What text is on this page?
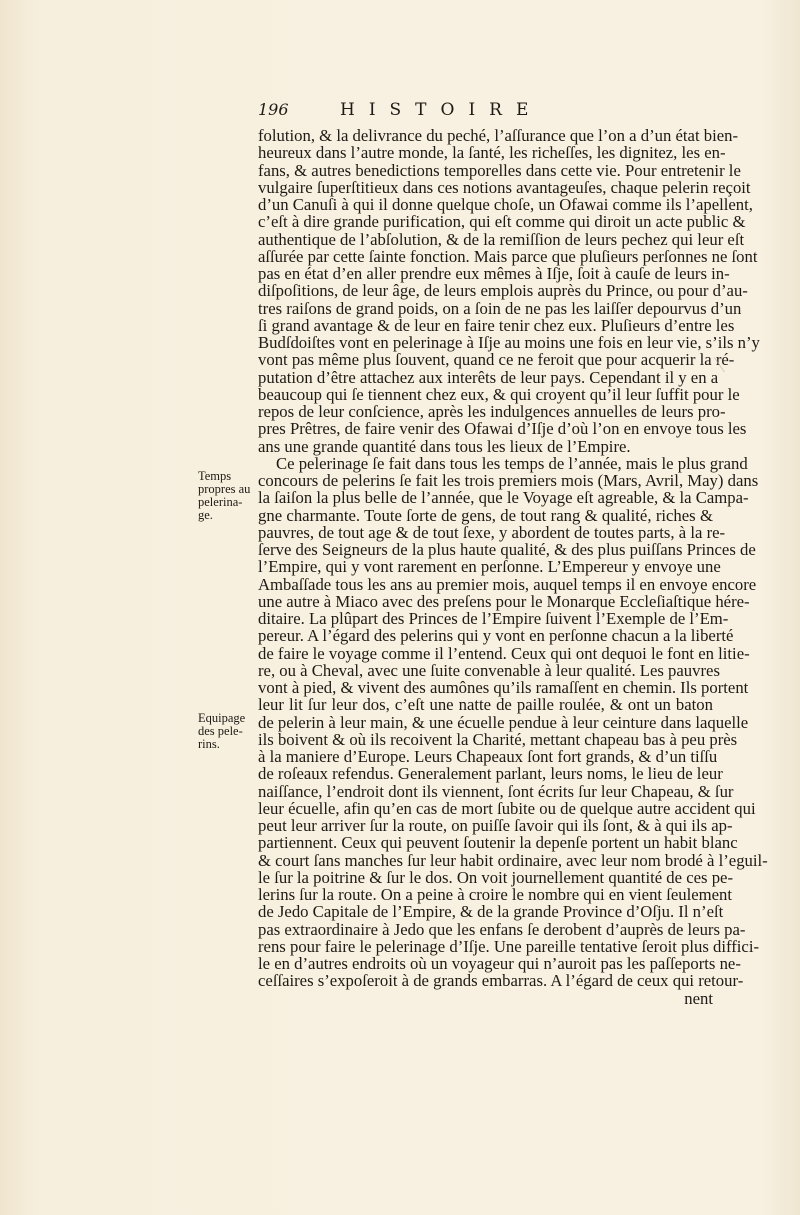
196	HISTOIRE
Temps
propres au
pelerina-
ge.
Equipage
des pele-
rins.
folution, & la delivrance du peché, l’aſſurance que l’on a d’un état bien-
heureux dans l’autre monde, la ſanté, les richeſſes, les dignitez, les en-
fans, & autres benedictions temporelles dans cette vie. Pour entretenir le
vulgaire ſuperſtitieux dans ces notions avantageuſes, chaque pelerin reçoit
d’un Canuſi à qui il donne quelque choſe, un Ofawai comme ils l’apellent,
c’eſt à dire grande purification, qui eſt comme qui diroit un acte public &
authentique de l’abſolution, & de la remiſſion de leurs pechez qui leur eſt
aſſurée par cette ſainte fonction. Mais parce que pluſieurs perſonnes ne ſont
pas en état d’en aller prendre eux mêmes à Iſje, ſoit à cauſe de leurs in-
diſpoſitions, de leur âge, de leurs emplois auprès du Prince, ou pour d’au-
tres raiſons de grand poids, on a ſoin de ne pas les laiſſer depourvus d’un
ſi grand avantage & de leur en faire tenir chez eux. Pluſieurs d’entre les
Budſdoiſtes vont en pelerinage à Iſje au moins une fois en leur vie, s’ils n’y
vont pas même plus ſouvent, quand ce ne feroit que pour acquerir la ré-
putation d’être attachez aux interêts de leur pays. Cependant il y en a
beaucoup qui ſe tiennent chez eux, & qui croyent qu’il leur ſuffit pour le
repos de leur conſcience, après les indulgences annuelles de leurs pro-
pres Prêtres, de faire venir des Ofawai d’Iſje d’où l’on en envoye tous les
ans une grande quantité dans tous les lieux de l’Empire.
Ce pelerinage ſe fait dans tous les temps de l’année, mais le plus grand
concours de pelerins ſe fait les trois premiers mois (Mars, Avril, May) dans
la ſaiſon la plus belle de l’année, que le Voyage eſt agreable, & la Campa-
gne charmante. Toute ſorte de gens, de tout rang & qualité, riches &
pauvres, de tout age & de tout ſexe, y abordent de toutes parts, à la re-
ſerve des Seigneurs de la plus haute qualité, & des plus puiſſans Princes de
l’Empire, qui y vont rarement en perſonne. L’Empereur y envoye une
Ambaſſade tous les ans au premier mois, auquel temps il en envoye encore
une autre à Miaco avec des preſens pour le Monarque Eccleſiaſtique hére-
ditaire. La plûpart des Princes de l’Empire ſuivent l’Exemple de l’Em-
pereur. A l’égard des pelerins qui y vont en perſonne chacun a la liberté
de faire le voyage comme il l’entend. Ceux qui ont dequoi le font en litie-
re, ou à Cheval, avec une ſuite convenable à leur qualité. Les pauvres
vont à pied, & vivent des aumônes qu’ils ramaſſent en chemin. Ils portent
leur lit ſur leur dos, c’eſt une natte de paille roulée, & ont un baton
de pelerin à leur main, & une écuelle pendue à leur ceinture dans laquelle
ils boivent & où ils recoivent la Charité, mettant chapeau bas à peu près
à la maniere d’Europe. Leurs Chapeaux ſont fort grands, & d’un tiſſu
de roſeaux refendus. Generalement parlant, leurs noms, le lieu de leur
naiſſance, l’endroit dont ils viennent, ſont écrits ſur leur Chapeau, & ſur
leur écuelle, afin qu’en cas de mort ſubite ou de quelque autre accident qui
peut leur arriver ſur la route, on puiſſe ſavoir qui ils ſont, & à qui ils ap-
partiennent. Ceux qui peuvent ſoutenir la depenſe portent un habit blanc
& court ſans manches ſur leur habit ordinaire, avec leur nom brodé à l’eguil-
le ſur la poitrine & ſur le dos. On voit journellement quantité de ces pe-
lerins ſur la route. On a peine à croire le nombre qui en vient ſeulement
de Jedo Capitale de l’Empire, & de la grande Province d’Oſju. Il n’eſt
pas extraordinaire à Jedo que les enfans ſe derobent d’auprès de leurs pa-
rens pour faire le pelerinage d’Iſje. Une pareille tentative ſeroit plus diffici-
le en d’autres endroits où un voyageur qui n’auroit pas les paſſeports ne-
ceſſaires s’expoſeroit à de grands embarras. A l’égard de ceux qui retour-
nent
